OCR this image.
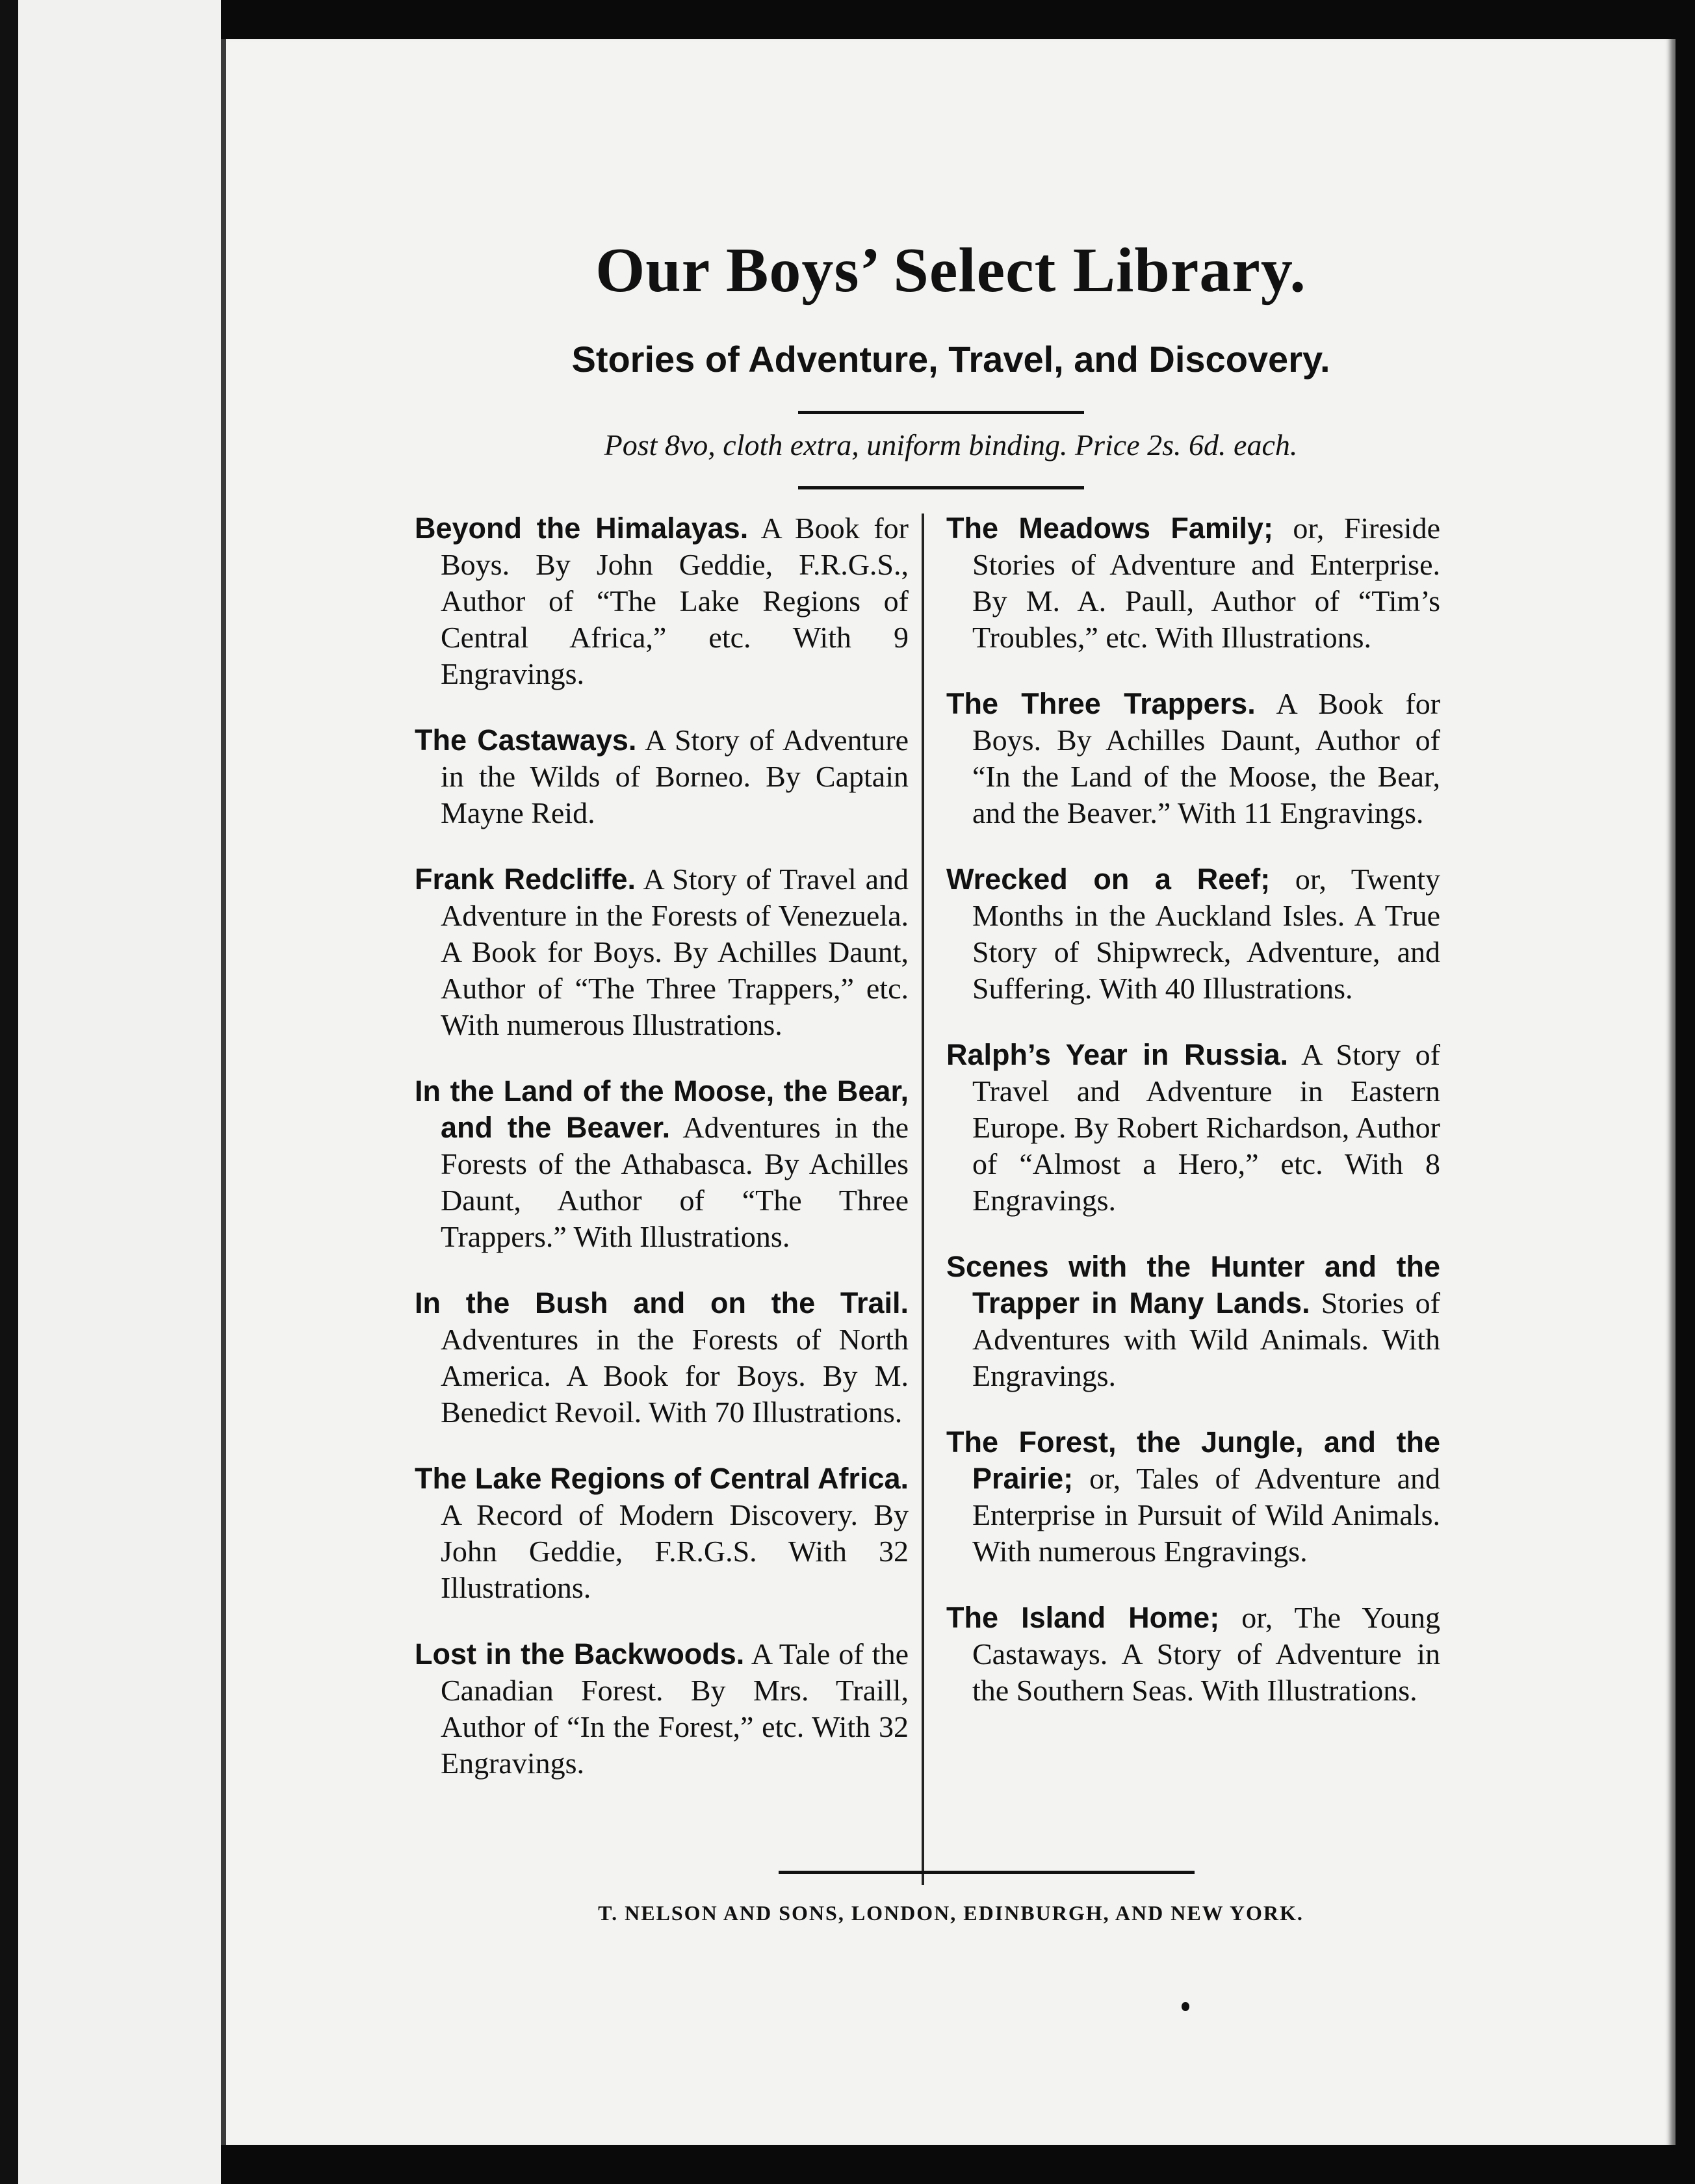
Our Boys’ Select Library.
Stories of Adventure, Travel, and Discovery.
Post 8vo, cloth extra, uniform binding. Price 2s. 6d. each.

Beyond the Himalayas. A Book for Boys. By John Geddie, F.R.G.S., Author of “The Lake Regions of Central Africa,” etc. With 9 Engravings.

The Castaways. A Story of Adventure in the Wilds of Borneo. By Captain Mayne Reid.

Frank Redcliffe. A Story of Travel and Adventure in the Forests of Venezuela. A Book for Boys. By Achilles Daunt, Author of “The Three Trappers,” etc. With numerous Illustrations.

In the Land of the Moose, the Bear, and the Beaver. Adventures in the Forests of the Athabasca. By Achilles Daunt, Author of “The Three Trappers.” With Illustrations.

In the Bush and on the Trail. Adventures in the Forests of North America. A Book for Boys. By M. Benedict Revoil. With 70 Illustrations.

The Lake Regions of Central Africa. A Record of Modern Discovery. By John Geddie, F.R.G.S. With 32 Illustrations.

Lost in the Backwoods. A Tale of the Canadian Forest. By Mrs. Traill, Author of “In the Forest,” etc. With 32 Engravings.

The Meadows Family; or, Fireside Stories of Adventure and Enterprise. By M. A. Paull, Author of “Tim’s Troubles,” etc. With Illustrations.

The Three Trappers. A Book for Boys. By Achilles Daunt, Author of “In the Land of the Moose, the Bear, and the Beaver.” With 11 Engravings.

Wrecked on a Reef; or, Twenty Months in the Auckland Isles. A True Story of Shipwreck, Adventure, and Suffering. With 40 Illustrations.

Ralph’s Year in Russia. A Story of Travel and Adventure in Eastern Europe. By Robert Richardson, Author of “Almost a Hero,” etc. With 8 Engravings.

Scenes with the Hunter and the Trapper in Many Lands. Stories of Adventures with Wild Animals. With Engravings.

The Forest, the Jungle, and the Prairie; or, Tales of Adventure and Enterprise in Pursuit of Wild Animals. With numerous Engravings.

The Island Home; or, The Young Castaways. A Story of Adventure in the Southern Seas. With Illustrations.

T. NELSON AND SONS, LONDON, EDINBURGH, AND NEW YORK.
